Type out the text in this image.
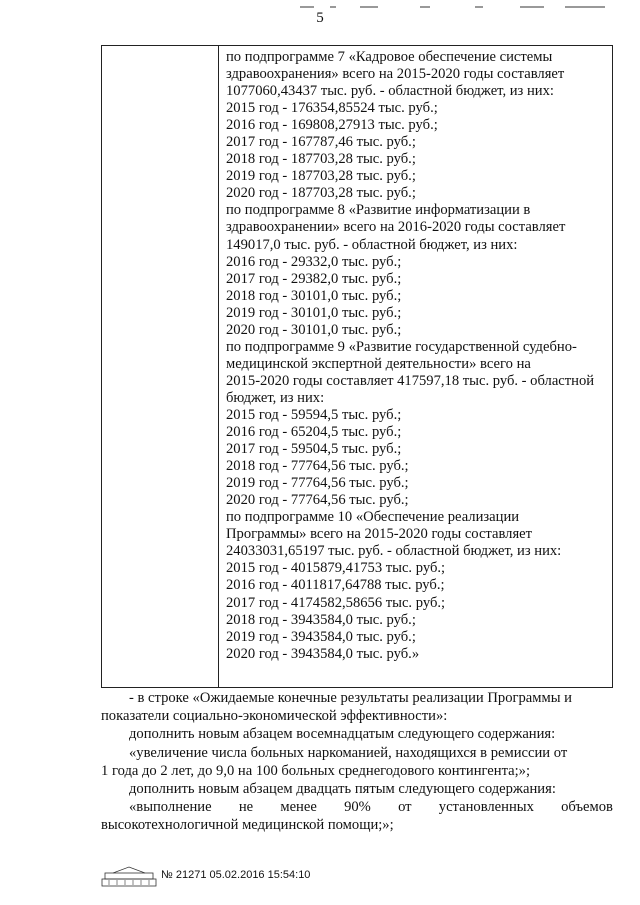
5
по подпрограмме 7 «Кадровое обеспечение системы
здравоохранения» всего на 2015-2020 годы составляет
1077060,43437 тыс. руб. - областной бюджет, из них:
2015 год - 176354,85524 тыс. руб.;
2016 год - 169808,27913 тыс. руб.;
2017 год - 167787,46 тыс. руб.;
2018 год - 187703,28 тыс. руб.;
2019 год - 187703,28 тыс. руб.;
2020 год - 187703,28 тыс. руб.;
по подпрограмме 8 «Развитие информатизации в
здравоохранении» всего на 2016-2020 годы составляет
149017,0 тыс. руб. - областной бюджет, из них:
2016 год - 29332,0 тыс. руб.;
2017 год - 29382,0 тыс. руб.;
2018 год - 30101,0 тыс. руб.;
2019 год - 30101,0 тыс. руб.;
2020 год - 30101,0 тыс. руб.;
по подпрограмме 9 «Развитие государственной судебно-
медицинской экспертной деятельности» всего на
2015-2020 годы составляет 417597,18 тыс. руб. - областной
бюджет, из них:
2015 год - 59594,5 тыс. руб.;
2016 год - 65204,5 тыс. руб.;
2017 год - 59504,5 тыс. руб.;
2018 год - 77764,56 тыс. руб.;
2019 год - 77764,56 тыс. руб.;
2020 год - 77764,56 тыс. руб.;
по подпрограмме 10 «Обеспечение реализации
Программы» всего на 2015-2020 годы составляет
24033031,65197 тыс. руб. - областной бюджет, из них:
2015 год - 4015879,41753 тыс. руб.;
2016 год - 4011817,64788 тыс. руб.;
2017 год - 4174582,58656 тыс. руб.;
2018 год - 3943584,0 тыс. руб.;
2019 год - 3943584,0 тыс. руб.;
2020 год - 3943584,0 тыс. руб.»
- в строке «Ожидаемые конечные результаты реализации Программы и
показатели социально-экономической эффективности»:
дополнить новым абзацем восемнадцатым следующего содержания:
«увеличение числа больных наркоманией, находящихся в ремиссии от
1 года до 2 лет, до 9,0 на 100 больных среднегодового контингента;»;
дополнить новым абзацем двадцать пятым следующего содержания:
«выполнение не менее 90% от установленных объемов
высокотехнологичной медицинской помощи;»;
№ 21271 05.02.2016 15:54:10
